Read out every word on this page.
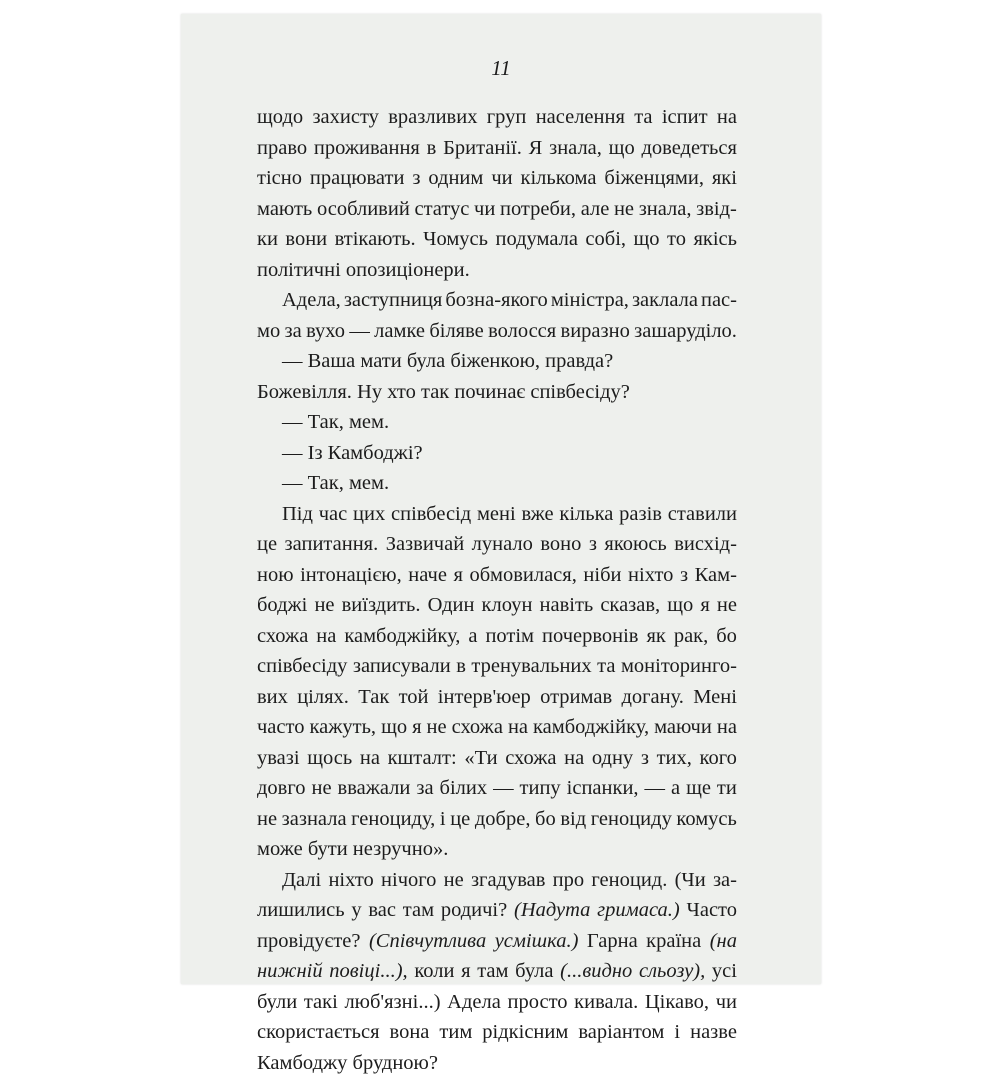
11
щодо захисту вразливих груп населення та іспит на
право проживання в Британії. Я знала, що доведеться
тісно працювати з одним чи кількома біженцями, які
мають особливий статус чи потреби, але не знала, звід-
ки вони втікають. Чомусь подумала собі, що то якісь
політичні опозиціонери.
Адела, заступниця бозна-якого міністра, заклала пас-
мо за вухо — ламке біляве волосся виразно зашаруділо.
— Ваша мати була біженкою, правда?
Божевілля. Ну хто так починає співбесіду?
— Так, мем.
— Із Камбоджі?
— Так, мем.
Під час цих співбесід мені вже кілька разів ставили
це запитання. Зазвичай лунало воно з якоюсь висхід-
ною інтонацією, наче я обмовилася, ніби ніхто з Кам-
боджі не виїздить. Один клоун навіть сказав, що я не
схожа на камбоджійку, а потім почервонів як рак, бо
співбесіду записували в тренувальних та моніторинго-
вих цілях. Так той інтерв'юер отримав догану. Мені
часто кажуть, що я не схожа на камбоджійку, маючи на
увазі щось на кшталт: «Ти схожа на одну з тих, кого
довго не вважали за білих — типу іспанки, — а ще ти
не зазнала геноциду, і це добре, бо від геноциду комусь
може бути незручно».
Далі ніхто нічого не згадував про геноцид. (Чи за-
лишились у вас там родичі? (Надута гримаса.) Часто
провідуєте? (Співчутлива усмішка.) Гарна країна (на
нижній повіці...), коли я там була (...видно сльозу), усі
були такі люб'язні...) Адела просто кивала. Цікаво, чи
скористається вона тим рідкісним варіантом і назве
Камбоджу брудною?
